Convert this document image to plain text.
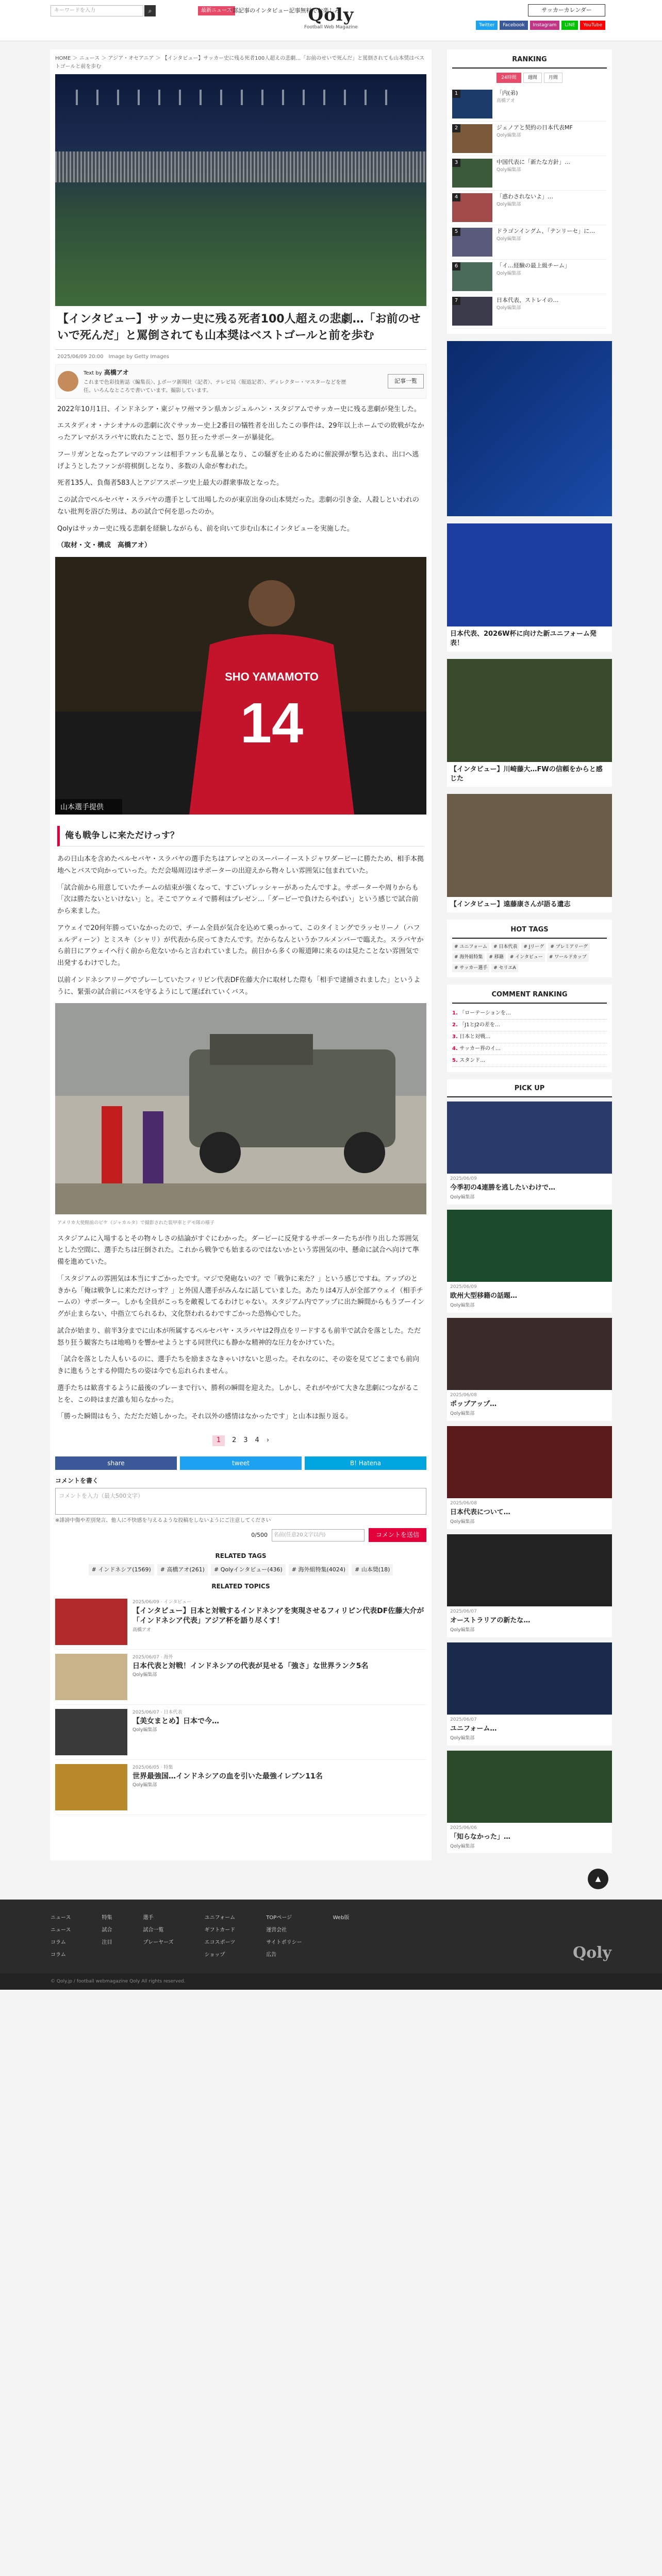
キーワードを入力	⌕	最新ニュース
一部記事のインタビュー記事無料でお楽しみ
Qoly
Football Web Magazine
サッカーカレンダー
Twitter	Facebook	Instagram	LINE	YouTube
HOME ＞ ニュース ＞ アジア・オセアニア ＞ 【インタビュー】サッカー史に残る死者100人超えの悲劇…「お前のせいで死んだ」と罵倒されても山本奨はベストゴールと前を歩む
【インタビュー】サッカー史に残る死者100人超えの悲劇…「お前のせいで死んだ」と罵倒されても山本奨はベストゴールと前を歩む
2025/06/09 20:00　 Image by Getty Images
Text by 高橋アオ
これまで色彩技術誌〈編集長〉、J.ポーツ新聞社〈記者〉、テレビ局〈報道記者〉、ディレクター・マスターなどを歴任。いろんなところで書いています。撮影しています。
記事一覧

2022年10月1日、インドネシア・東ジャワ州マラン県カンジュルハン・スタジアムでサッカー史に残る悲劇が発生した。

エスタディオ・ナシオナルの悲劇に次ぐサッカー史上2番目の犠牲者を出したこの事件は、29年以上ホームでの敗戦がなかったアレマがスラバヤに敗れたことで、怒り狂ったサポーターが暴徒化。

フーリガンとなったアレマのファンは相手ファンも乱暴となり、この騒ぎを止めるために催涙弾が撃ち込まれ、出口へ逃げようとしたファンが将棋倒しとなり、多数の人命が奪われた。

死者135人、負傷者583人とアジアスポーツ史上最大の群衆事故となった。

この試合でペルセバヤ・スラバヤの選手として出場したのが東京出身の山本奨だった。悲劇の引き金、人殺しといわれのない批判を浴びた男は、あの試合で何を思ったのか。

Qolyはサッカー史に残る悲劇を経験しながらも、前を向いて歩む山本にインタビューを実施した。

（取材・文・構成　高橋アオ）

SHO YAMAMOTO
14
山本選手提供
俺も戦争しに来ただけっす？

あの日山本を含めたペルセバヤ・スラバヤの選手たちはアレマとのスーパーイーストジャワダービーに勝たため、相手本拠地へとバスで向かっていった。ただ会場周辺はサポーターの出迎えから物々しい雰囲気に包まれていた。

「試合前から用意していたチームの結束が強くなって、すごいプレッシャーがあったんですよ。サポーターや周りからも「次は勝たないといけない」と。そこでアウェイで勝利はプレゼン…「ダービーで負けたらやばい」という感じで試合前から来ました。

アウェイで20何年勝っていなかったので、チーム全員が気合を込めて乗っかって、このタイミングでラッセリーノ（ハフェルディーン）とミスキ（シャリ）が代表から戻ってきたんです。だからなんというかフルメンバーで臨えた。スラバヤから前日にアウェイへ行く前から危ないからと言われていました。前日から多くの報道陣に来るのは見たことない雰囲気で出発するわけでした。

以前インドネシアリーグでプレーしていたフィリピン代表DF佐藤大介に取材した際も「相手で逮捕されました」というように、緊張の試合前にバスを守るようにして運ばれていくバス。

アメリカ大使館前のピケ（ジャカルタ）で撮影された装甲車とデモ隊の様子

スタジアムに入場するとその物々しさの結論がすぐにわかった。ダービーに反発するサポーターたちが作り出した雰囲気とした空間に、選手たちは圧倒された。これから戦争でも始まるのではないかという雰囲気の中、懸命に試合へ向けて準備を進めていた。

「スタジアムの雰囲気は本当にすごかったです。マジで発砲ないの？で「戦争に来た？」という感じですね。アップのときから「俺は戦争しに来ただけっす？」と外国人選手がみんなに話していました。あたりは4万人が全部アウェイ（相手チームの）サポーター。しかも全員がこっちを敵視してるわけじゃない。スタジアム内でアップに出た瞬間からもうブーイングが止まらない、中指立てられるわ、文化祭われるわですごかった恐怖心でした。

試合が始まり、前半3分までに山本が所属するペルセバヤ・スラバヤは2得点をリードするも前半で試合を落とした。ただ怒り狂う観客たちは地鳴りを響かせようとする同世代にも静かな精神的な圧力をかけていた。

「試合を落とした人もいるのに、選手たちを励まさなきゃいけないと思った。それなのに、その姿を見てどこまでも前向きに進もうとする仲間たちの姿は今でも忘れられません。

選手たちは歓喜するように最後のプレーまで行い、勝利の瞬間を迎えた。しかし、それがやがて大きな悲劇につながることを、この時はまだ誰も知らなかった。

「勝った瞬間はもう、ただただ嬉しかった。それ以外の感情はなかったです」と山本は振り返る。

1	2 3 4 ›
share	tweet	B! Hatena
コメントを書く
コメントを入力（最大500文字）
※誹謗中傷や差別発言、他人に不快感を与えるような投稿をしないようにご注意してください
0/500	名前(任意20文字以内)	コメントを送信
RELATED TAGS
# インドネシア(1569)	# 高橋アオ(261)	# Qolyインタビュー(436)	# 海外組特集(4024)	# 山本奨(18)
RELATED TOPICS
2025/06/09 · インタビュー
【インタビュー】日本と対戦するインドネシアを実現させるフィリピン代表DF佐藤大介が「インドネシア代表」アジア杯を語り尽くす！
高橋アオ
2025/06/07 · 海外
日本代表と対戦！インドネシアの代表が見せる「強さ」な世界ランク5名
Qoly編集部
2025/06/07 · 日本代表
【美女まとめ】日本で今…
Qoly編集部
2025/06/05 · 特集
世界最強国…インドネシアの血を引いた最強イレブン11名
Qoly編集部
RANKING
24時間	週間	月間
1	「内(弟)
高橋アオ
2	ジェノアと契約の日本代表MF
Qoly編集部
3	中国代表に「新たな方針」…
Qoly編集部
4	「惑わされないよ」…
Qoly編集部
5	ドラゴンイングム、「テンリーセ」に…
Qoly編集部
6	「イ…経験の最上級チーム」
Qoly編集部
7	日本代表、ストレイの…
Qoly編集部
日本代表、2026W杯に向けた新ユニフォーム発表！
【インタビュー】川崎藤大…FWの信頼をからと感じた
【インタビュー】遠藤康さんが語る遺志
HOT TAGS
# ユニフォーム	# 日本代表	# Jリーグ	# プレミアリーグ
# 海外組特集	# 移籍	# インタビュー	# ワールドカップ
# サッカー選手	# セリエA
COMMENT RANKING
1. 「ローテーションを…
2. 「J1とJ2の差を…
3. 日本と対戦…
4. サッカー界のイ…
5. スタンド…
PICK UP
2025/06/09
今季初の4連勝を逃したいわけで…
Qoly編集部
2025/06/09
欧州大型移籍の話題…
Qoly編集部
2025/06/08
ポップアップ…
Qoly編集部
2025/06/08
日本代表について…
Qoly編集部
2025/06/07
オーストラリアの新たな…
Qoly編集部
2025/06/07
ユニフォーム…
Qoly編集部
2025/06/06
「知らなかった」…
Qoly編集部
▲
ニュース
ニュース
コラム
コラム
特集
試合
注目
選手
試合一覧
プレーヤーズ
ユニフォーム
ギフトカード
エコスポーツ
ショップ
TOPページ
運営会社
サイトポリシー
広告
Web版
Qoly
© Qoly.jp / football webmagazine Qoly All rights reserved.
